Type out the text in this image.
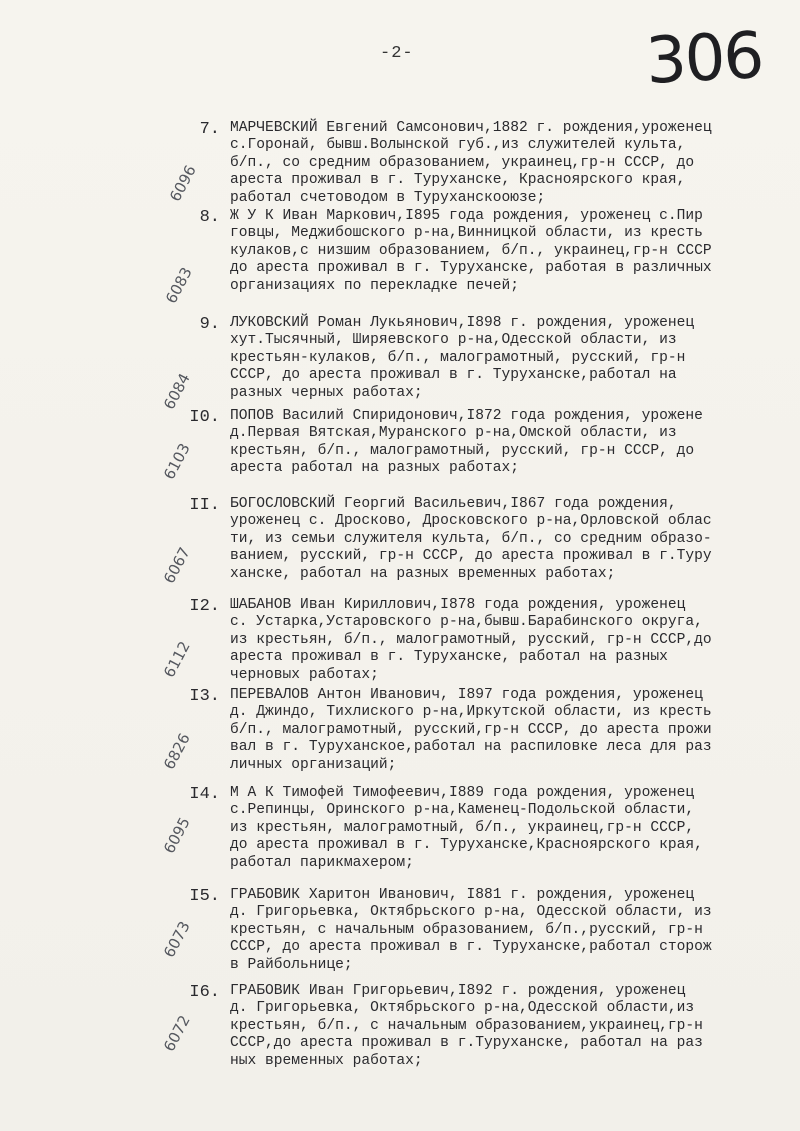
-2-	306
7. МАРЧЕВСКИЙ Евгений Самсонович,1882 г. рождения,уроженец
с.Горонай, бывш.Волынской губ.,из служителей культа,
б/п., со средним образованием, украинец,гр-н СССР, до
ареста проживал в г. Туруханске, Красноярского края,
работал счетоводом в Туруханскооюзе;
8. Ж У К Иван Маркович,I895 года рождения, уроженец с.Пир
говцы, Меджибошского р-на,Винницкой области, из кресть
кулаков,с низшим образованием, б/п., украинец,гр-н СССР
до ареста проживал в г. Туруханске, работая в различных
организациях по перекладке печей;
9. ЛУКОВСКИЙ Роман Лукьянович,I898 г. рождения, уроженец
хут.Тысячный, Ширяевского р-на,Одесской области, из
крестьян-кулаков, б/п., малограмотный, русский, гр-н
СССР, до ареста проживал в г. Туруханске,работал на
разных черных работах;
I0. ПОПОВ Василий Спиридонович,I872 года рождения, урожене
д.Первая Вятская,Муранского р-на,Омской области, из
крестьян, б/п., малограмотный, русский, гр-н СССР, до
ареста работал на разных работах;
II. БОГОСЛОВСКИЙ Георгий Васильевич,I867 года рождения,
уроженец с. Дросково, Дросковского р-на,Орловской облас
ти, из семьи служителя культа, б/п., со средним образо-
ванием, русский, гр-н СССР, до ареста проживал в г.Туру
ханске, работал на разных временных работах;
I2. ШАБАНОВ Иван Кириллович,I878 года рождения, уроженец
с. Устарка,Устаровского р-на,бывш.Барабинского округа,
из крестьян, б/п., малограмотный, русский, гр-н СССР,до
ареста проживал в г. Туруханске, работал на разных
черновых работах;
I3. ПЕРЕВАЛОВ Антон Иванович, I897 года рождения, уроженец
д. Джиндо, Тихлиского р-на,Иркутской области, из кресть
б/п., малограмотный, русский,гр-н СССР, до ареста прожи
вал в г. Туруханское,работал на распиловке леса для раз
личных организаций;
I4. М А К Тимофей Тимофеевич,I889 года рождения, уроженец
с.Репинцы, Оринского р-на,Каменец-Подольской области,
из крестьян, малограмотный, б/п., украинец,гр-н СССР,
до ареста проживал в г. Туруханске,Красноярского края,
работал парикмахером;
I5. ГРАБОВИК Харитон Иванович, I881 г. рождения, уроженец
д. Григорьевка, Октябрьского р-на, Одесской области, из
крестьян, с начальным образованием, б/п.,русский, гр-н
СССР, до ареста проживал в г. Туруханске,работал сторож
в Райбольнице;
I6. ГРАБОВИК Иван Григорьевич,I892 г. рождения, уроженец
д. Григорьевка, Октябрьского р-на,Одесской области,из
крестьян, б/п., с начальным образованием,украинец,гр-н
СССР,до ареста проживал в г.Туруханске, работал на раз
ных временных работах;
6096
6083
6084
6103
6067
6112
6826
6095
6073
6072
